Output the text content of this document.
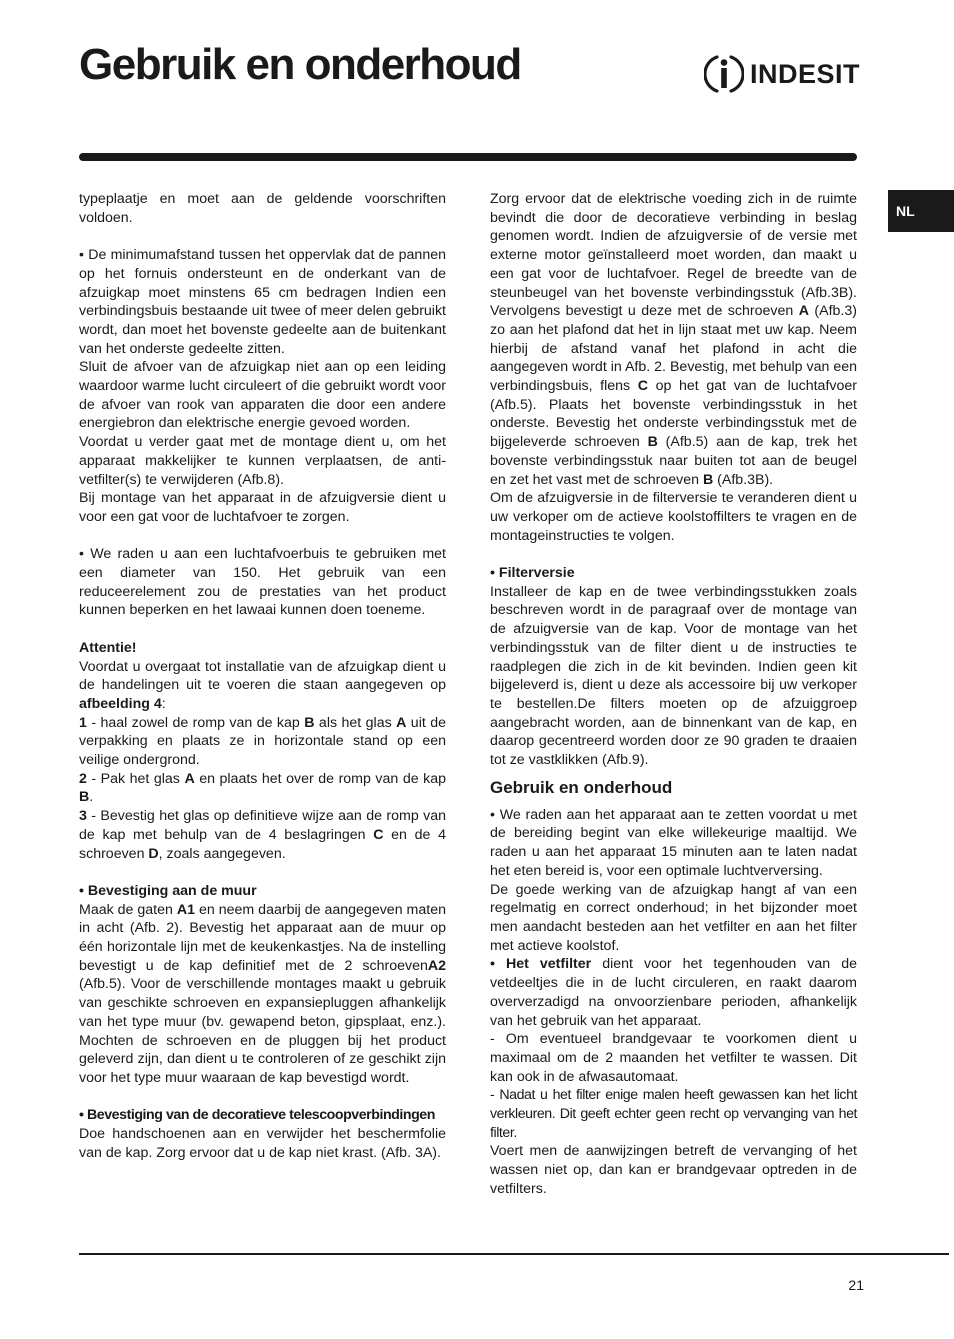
Gebruik en onderhoud	INDESIT
NL

typeplaatje en moet aan de geldende voorschriften voldoen.

• De minimumafstand tussen het oppervlak dat de pannen op het fornuis ondersteunt en de onderkant van de afzuigkap moet minstens 65 cm bedragen Indien een verbindingsbuis bestaande uit twee of meer delen gebruikt wordt, dan moet het bovenste gedeelte aan de buitenkant van het onderste gedeelte zitten.

Sluit de afvoer van de afzuigkap niet aan op een leiding waardoor warme lucht circuleert of die gebruikt wordt voor de afvoer van rook van apparaten die door een andere energiebron dan elektrische energie gevoed worden.

Voordat u verder gaat met de montage dient u, om het apparaat makkelijker te kunnen verplaatsen, de anti-vetfilter(s) te verwijderen (Afb.8).

Bij montage van het apparaat in de afzuigversie dient u voor een gat voor de luchtafvoer te zorgen.

• We raden u aan een luchtafvoerbuis te gebruiken met een diameter van 150. Het gebruik van een reduceerelement zou de prestaties van het product kunnen beperken en het lawaai kunnen doen toeneme.

Attentie!

Voordat u overgaat tot installatie van de afzuigkap dient u de handelingen uit te voeren die staan aangegeven op afbeelding 4:

1 - haal zowel de romp van de kap B als het glas A uit de verpakking en plaats ze in horizontale stand op een veilige ondergrond.

2 - Pak het glas A en plaats het over de romp van de kap B.

3 - Bevestig het glas op definitieve wijze aan de romp van de kap met behulp van de 4 beslagringen C en de 4 schroeven D, zoals aangegeven.

• Bevestiging aan de muur

Maak de gaten A1 en neem daarbij de aangegeven maten in acht (Afb. 2). Bevestig het apparaat aan de muur op één horizontale lijn met de keukenkastjes. Na de instelling bevestigt u de kap definitief met de 2 schroevenA2 (Afb.5). Voor de verschillende montages maakt u gebruik van geschikte schroeven en expansiepluggen afhankelijk van het type muur (bv. gewapend beton, gipsplaat, enz.). Mochten de schroeven en de pluggen bij het product geleverd zijn, dan dient u te controleren of ze geschikt zijn voor het type muur waaraan de kap bevestigd wordt.

• Bevestiging van de decoratieve telescoopverbindingen

Doe handschoenen aan en verwijder het beschermfolie van de kap. Zorg ervoor dat u de kap niet krast. (Afb. 3A).

Zorg ervoor dat de elektrische voeding zich in de ruimte bevindt die door de decoratieve verbinding in beslag genomen wordt. Indien de afzuigversie of de versie met externe motor geïnstalleerd moet worden, dan maakt u een gat voor de luchtafvoer. Regel de breedte van de steunbeugel van het bovenste verbindingsstuk (Afb.3B). Vervolgens bevestigt u deze met de schroeven A (Afb.3) zo aan het plafond dat het in lijn staat met uw kap. Neem hierbij de afstand vanaf het plafond in acht die aangegeven wordt in Afb. 2. Bevestig, met behulp van een verbindingsbuis, flens C op het gat van de luchtafvoer (Afb.5). Plaats het bovenste verbindingsstuk in het onderste. Bevestig het onderste verbindingsstuk met de bijgeleverde schroeven B (Afb.5) aan de kap, trek het bovenste verbindingsstuk naar buiten tot aan de beugel en zet het vast met de schroeven B (Afb.3B).

Om de afzuigversie in de filterversie te veranderen dient u uw verkoper om de actieve koolstoffilters te vragen en de montageinstructies te volgen.

• Filterversie

Installeer de kap en de twee verbindingsstukken zoals beschreven wordt in de paragraaf over de montage van de afzuigversie van de kap. Voor de montage van het verbindingsstuk van de filter dient u de instructies te raadplegen die zich in de kit bevinden. Indien geen kit bijgeleverd is, dient u deze als accessoire bij uw verkoper te bestellen.De filters moeten op de afzuiggroep aangebracht worden, aan de binnenkant van de kap, en daarop gecentreerd worden door ze 90 graden te draaien tot ze vastklikken (Afb.9).

Gebruik en onderhoud

• We raden aan het apparaat aan te zetten voordat u met de bereiding begint van elke willekeurige maaltijd. We raden u aan het apparaat 15 minuten aan te laten nadat het eten bereid is, voor een optimale luchtverversing.

De goede werking van de afzuigkap hangt af van een regelmatig en correct onderhoud; in het bijzonder moet men aandacht besteden aan het vetfilter en aan het filter met actieve koolstof.

• Het vetfilter dient voor het tegenhouden van de vetdeeltjes die in de lucht circuleren, en raakt daarom oververzadigd na onvoorzienbare perioden, afhankelijk van het gebruik van het apparaat.

- Om eventueel brandgevaar te voorkomen dient u maximaal om de 2 maanden het vetfilter te wassen. Dit kan ook in de afwasautomaat.

- Nadat u het filter enige malen heeft gewassen kan het licht verkleuren. Dit geeft echter geen recht op vervanging van het filter.

Voert men de aanwijzingen betreft de vervanging of het wassen niet op, dan kan er brandgevaar optreden in de vetfilters.

21
